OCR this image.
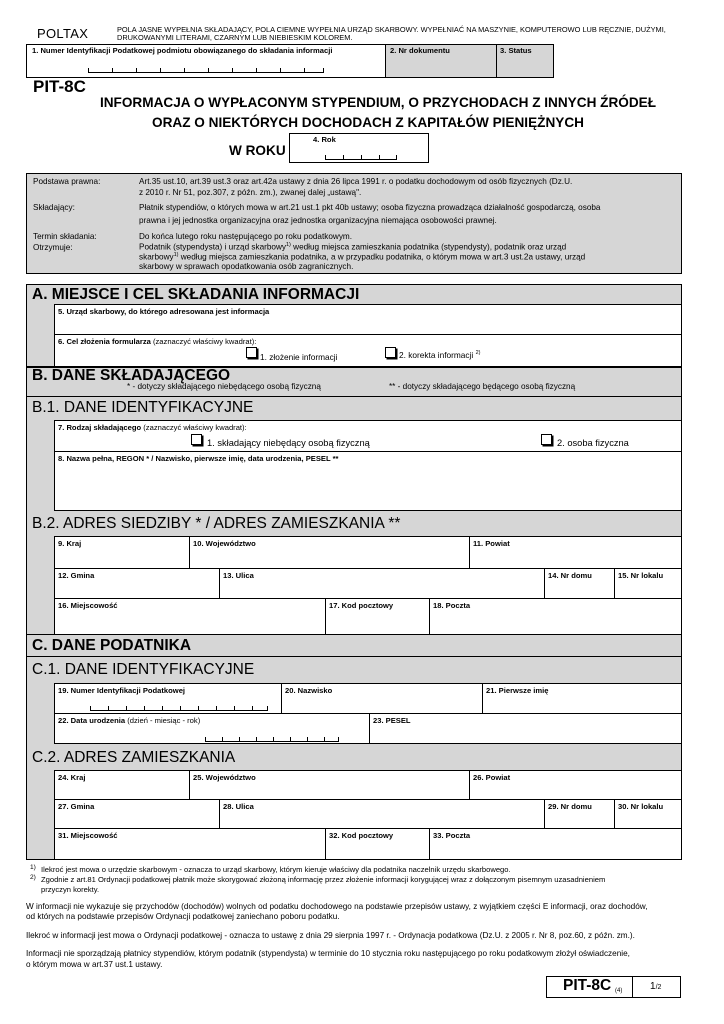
POLTAX	POLA JASNE WYPEŁNIA SKŁADAJĄCY, POLA CIEMNE WYPEŁNIA URZĄD SKARBOWY. WYPEŁNIAĆ NA MASZYNIE, KOMPUTEROWO LUB RĘCZNIE, DUŻYMI, DRUKOWANYMI LITERAMI, CZARNYM LUB NIEBIESKIM KOLOREM.
1. Numer Identyfikacji Podatkowej podmiotu obowiązanego do składania informacji	2. Nr dokumentu	3. Status
PIT-8C
INFORMACJA O WYPŁACONYM STYPENDIUM, O PRZYCHODACH Z INNYCH ŹRÓDEŁ
ORAZ O NIEKTÓRYCH DOCHODACH Z KAPITAŁÓW PIENIĘŻNYCH
W ROKU
4. Rok
Podstawa prawna:	Art.35 ust.10, art.39 ust.3 oraz art.42a ustawy z dnia 26 lipca 1991 r. o podatku dochodowym od osób fizycznych (Dz.U.
z 2010 r. Nr 51, poz.307, z późn. zm.), zwanej dalej „ustawą".
Składający:	Płatnik stypendiów, o których mowa w art.21 ust.1 pkt 40b ustawy; osoba fizyczna prowadząca działalność gospodarczą, osoba
prawna i jej jednostka organizacyjna oraz jednostka organizacyjna niemająca osobowości prawnej.
Termin składania:	Do końca lutego roku następującego po roku podatkowym.
Otrzymuje:	Podatnik (stypendysta) i urząd skarbowy$^{1)}$ według miejsca zamieszkania podatnika (stypendysty), podatnik oraz urząd
skarbowy$^{1)}$ według miejsca zamieszkania podatnika, a w przypadku podatnika, o którym mowa w art.3 ust.2a ustawy, urząd
skarbowy w sprawach opodatkowania osób zagranicznych.
A. MIEJSCE I CEL SKŁADANIA INFORMACJI
5. Urząd skarbowy, do którego adresowana jest informacja
6. Cel złożenia formularza (zaznaczyć właściwy kwadrat):
1. złożenie informacji	2. korekta informacji $^{2)}$
B. DANE SKŁADAJĄCEGO
* - dotyczy składającego niebędącego osobą fizyczną	** - dotyczy składającego będącego osobą fizyczną
B.1. DANE IDENTYFIKACYJNE
7. Rodzaj składającego (zaznaczyć właściwy kwadrat):
1. składający niebędący osobą fizyczną	2. osoba fizyczna
8. Nazwa pełna, REGON * / Nazwisko, pierwsze imię, data urodzenia, PESEL **
B.2. ADRES SIEDZIBY * / ADRES ZAMIESZKANIA **
9. Kraj	10. Województwo	11. Powiat
12. Gmina	13. Ulica	14. Nr domu	15. Nr lokalu
16. Miejscowość	17. Kod pocztowy	18. Poczta
C. DANE PODATNIKA
C.1. DANE IDENTYFIKACYJNE
19. Numer Identyfikacji Podatkowej	20. Nazwisko	21. Pierwsze imię
22. Data urodzenia (dzień - miesiąc - rok)	23. PESEL
C.2. ADRES ZAMIESZKANIA
24. Kraj	25. Województwo	26. Powiat
27. Gmina	28. Ulica	29. Nr domu	30. Nr lokalu
31. Miejscowość	32. Kod pocztowy	33. Poczta
1) Ilekroć jest mowa o urzędzie skarbowym - oznacza to urząd skarbowy, którym kieruje właściwy dla podatnika naczelnik urzędu skarbowego.
2) Zgodnie z art.81 Ordynacji podatkowej płatnik może skorygować złożoną informację przez złożenie informacji korygującej wraz z dołączonym pisemnym uzasadnieniem
przyczyn korekty.

W informacji nie wykazuje się przychodów (dochodów) wolnych od podatku dochodowego na podstawie przepisów ustawy, z wyjątkiem części E informacji, oraz dochodów,

od których na podstawie przepisów Ordynacji podatkowej zaniechano poboru podatku.

Ilekroć w informacji jest mowa o Ordynacji podatkowej - oznacza to ustawę z dnia 29 sierpnia 1997 r. - Ordynacja podatkowa (Dz.U. z 2005 r. Nr 8, poz.60, z późn. zm.).

Informacji nie sporządzają płatnicy stypendiów, którym podatnik (stypendysta) w terminie do 10 stycznia roku następującego po roku podatkowym złożył oświadczenie,

o którym mowa w art.37 ust.1 ustawy.

PIT-8C (4)	1/2
